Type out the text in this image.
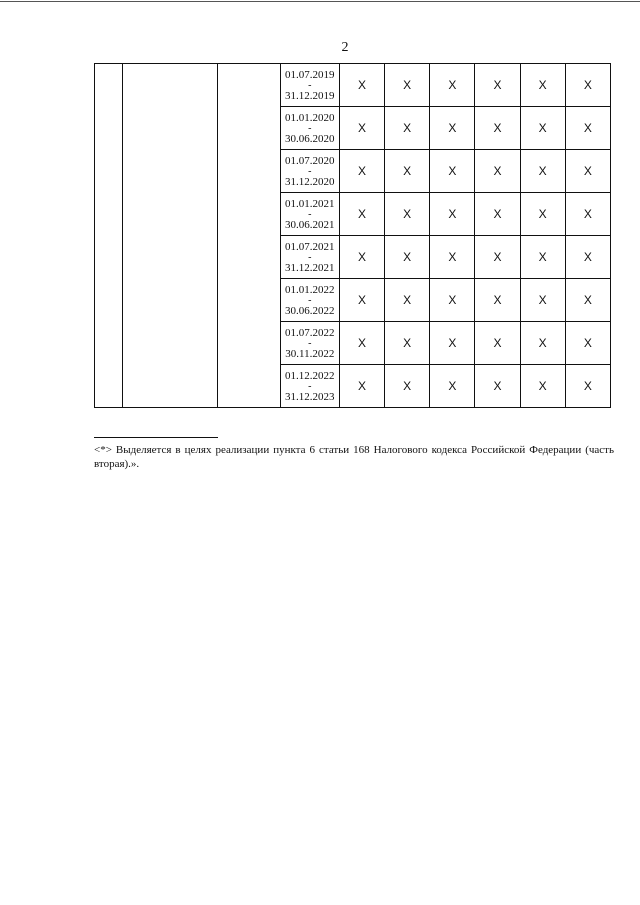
2

			01.07.2019
-
31.12.2019	X	X	X	X	X	X

			01.01.2020
-
30.06.2020	X	X	X	X	X	X

			01.07.2020
-
31.12.2020	X	X	X	X	X	X

			01.01.2021
-
30.06.2021	X	X	X	X	X	X

			01.07.2021
-
31.12.2021	X	X	X	X	X	X

			01.01.2022
-
30.06.2022	X	X	X	X	X	X

			01.07.2022
-
30.11.2022	X	X	X	X	X	X

			01.12.2022
-
31.12.2023	X	X	X	X	X	X
<*> Выделяется в целях реализации пункта 6 статьи 168 Налогового кодекса Российской Федерации (часть
вторая).».
